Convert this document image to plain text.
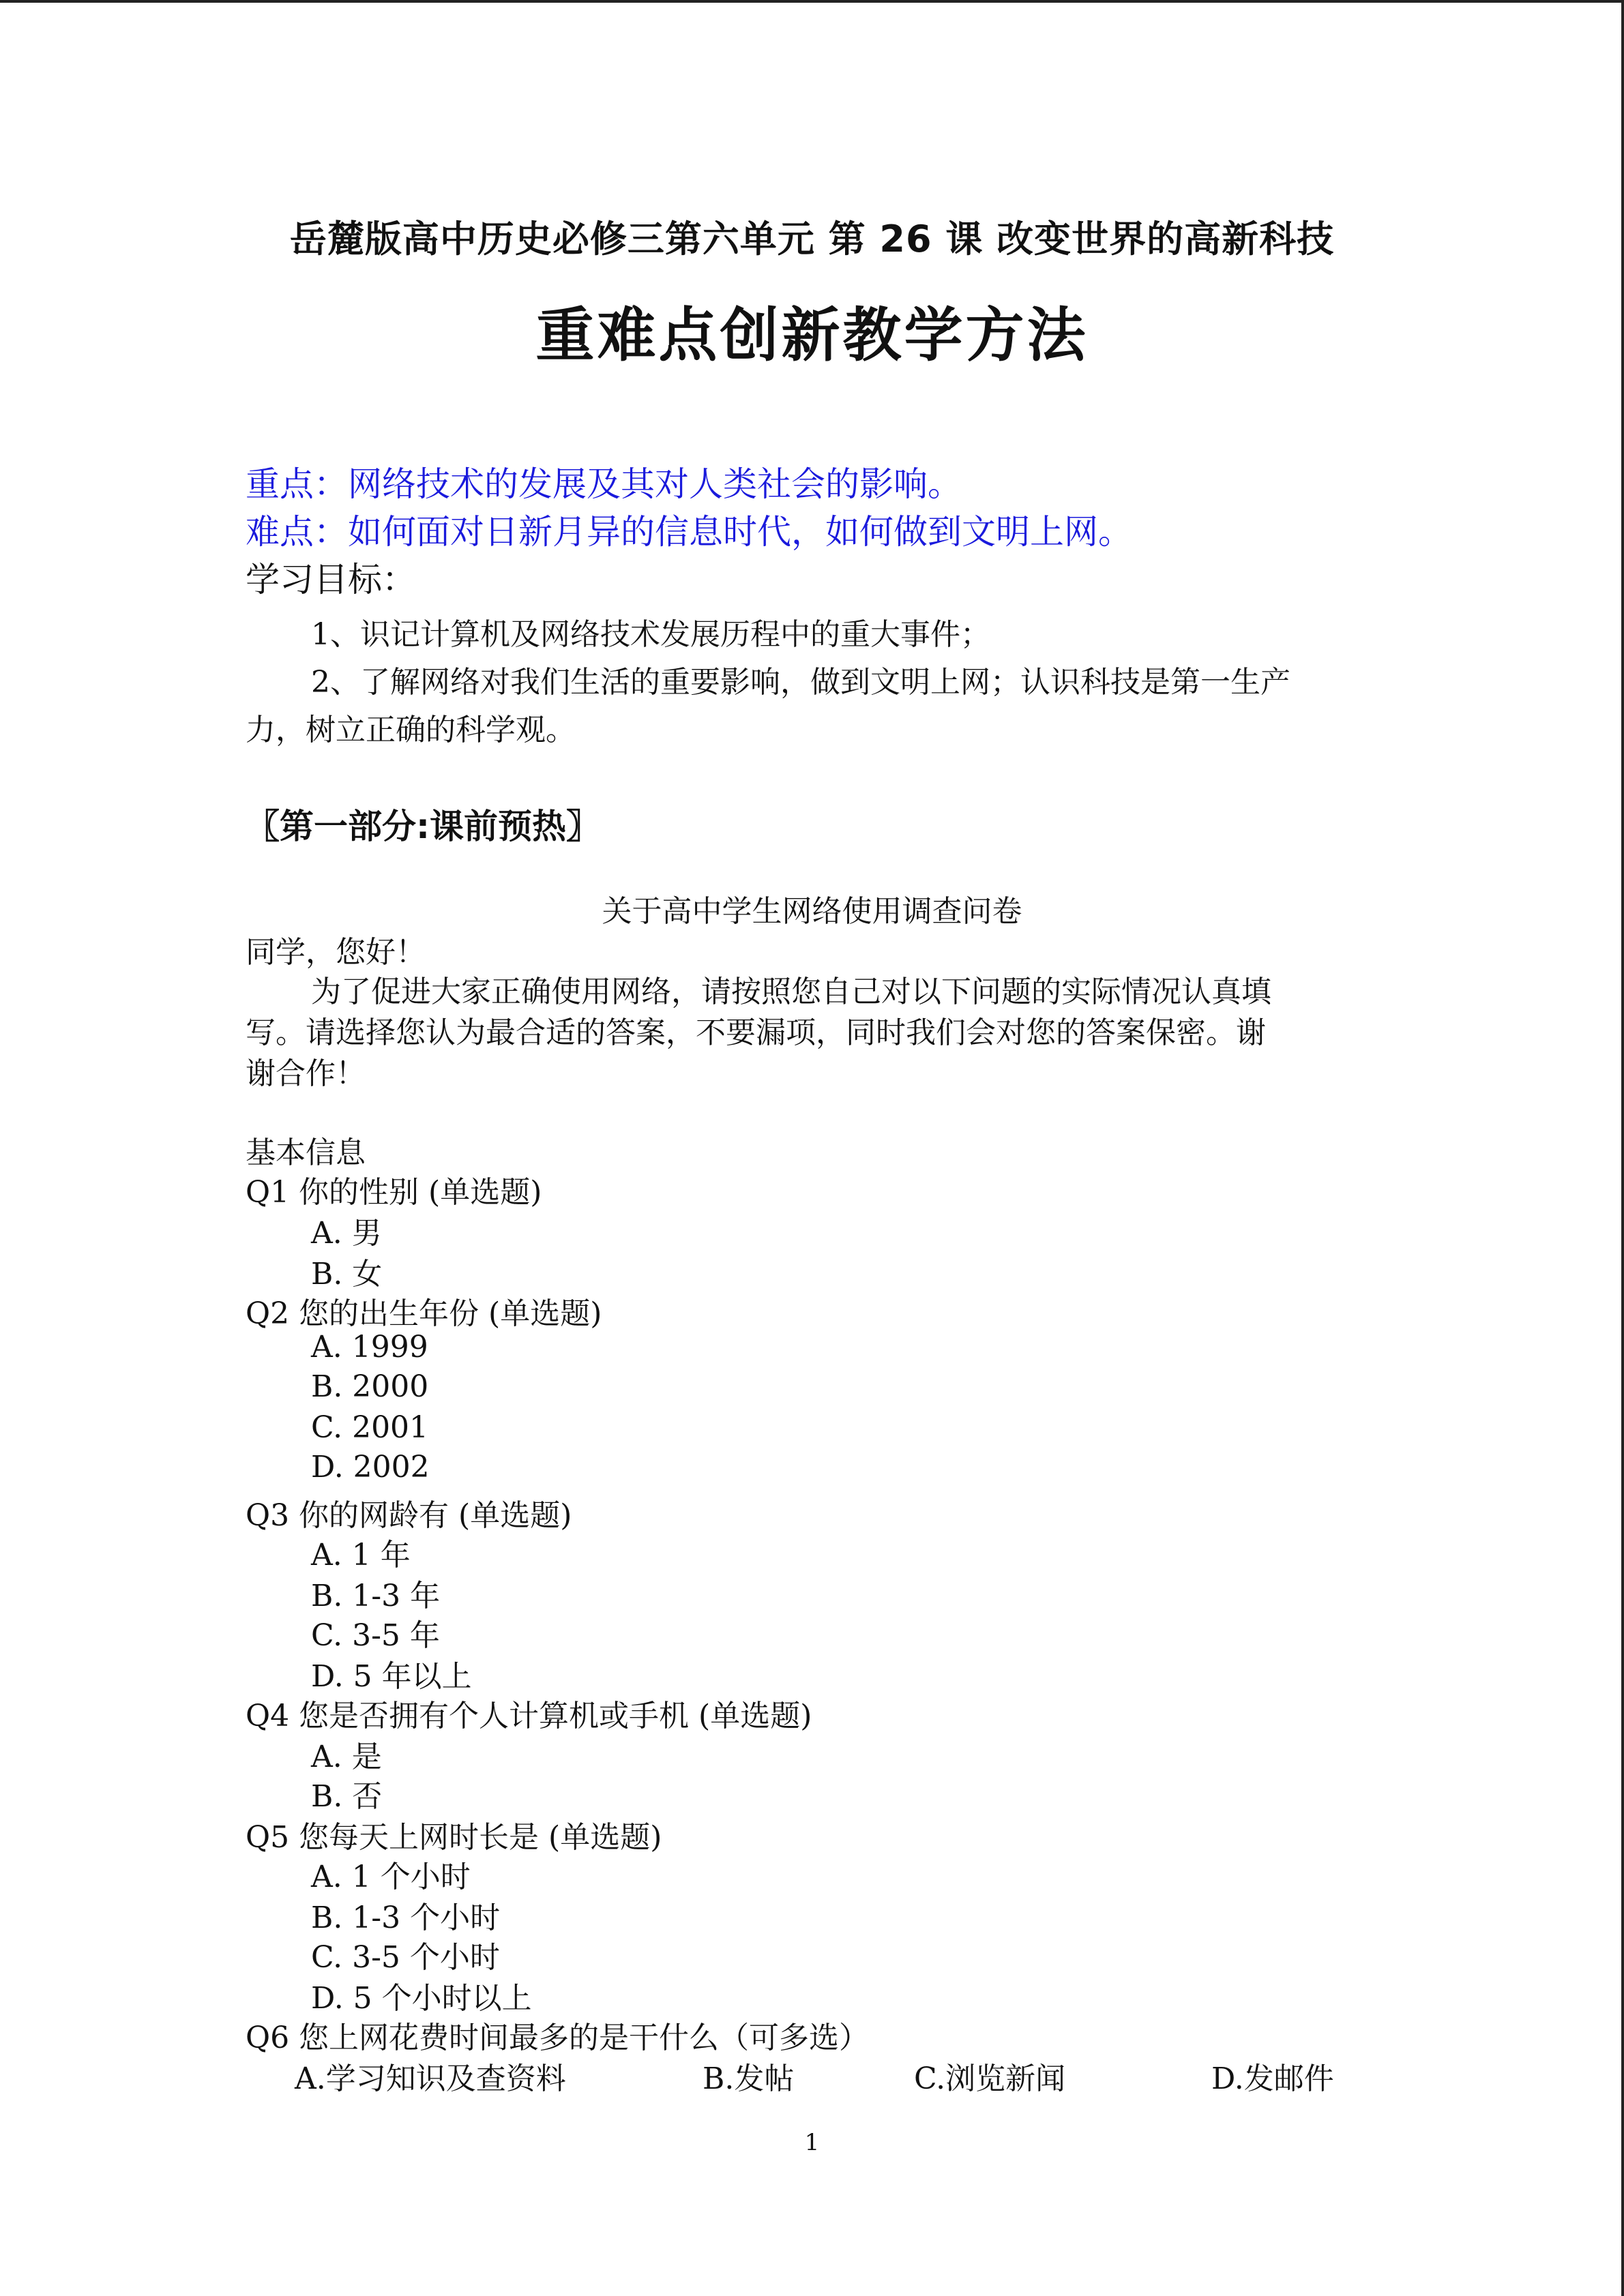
岳麓版高中历史必修三第六单元 第 26 课 改变世界的高新科技
重难点创新教学方法
重点：网络技术的发展及其对人类社会的影响。
难点：如何面对日新月异的信息时代，如何做到文明上网。
学习目标：
1、识记计算机及网络技术发展历程中的重大事件；
2、了解网络对我们生活的重要影响，做到文明上网；认识科技是第一生产
力，树立正确的科学观。
〖第一部分:课前预热〗
关于高中学生网络使用调查问卷
同学，您好！
为了促进大家正确使用网络，请按照您自己对以下问题的实际情况认真填
写。请选择您认为最合适的答案，不要漏项，同时我们会对您的答案保密。谢
谢合作！
基本信息
Q1 你的性别 (单选题)
A. 男
B. 女
Q2 您的出生年份 (单选题)
A. 1999
B. 2000
C. 2001
D. 2002
Q3 你的网龄有 (单选题)
A. 1 年
B. 1-3 年
C. 3-5 年
D. 5 年以上
Q4 您是否拥有个人计算机或手机 (单选题)
A. 是
B. 否
Q5 您每天上网时长是 (单选题)
A. 1 个小时
B. 1-3 个小时
C. 3-5 个小时
D. 5 个小时以上
Q6 您上网花费时间最多的是干什么（可多选）
A.学习知识及查资料	B.发帖	C.浏览新闻	D.发邮件
1
